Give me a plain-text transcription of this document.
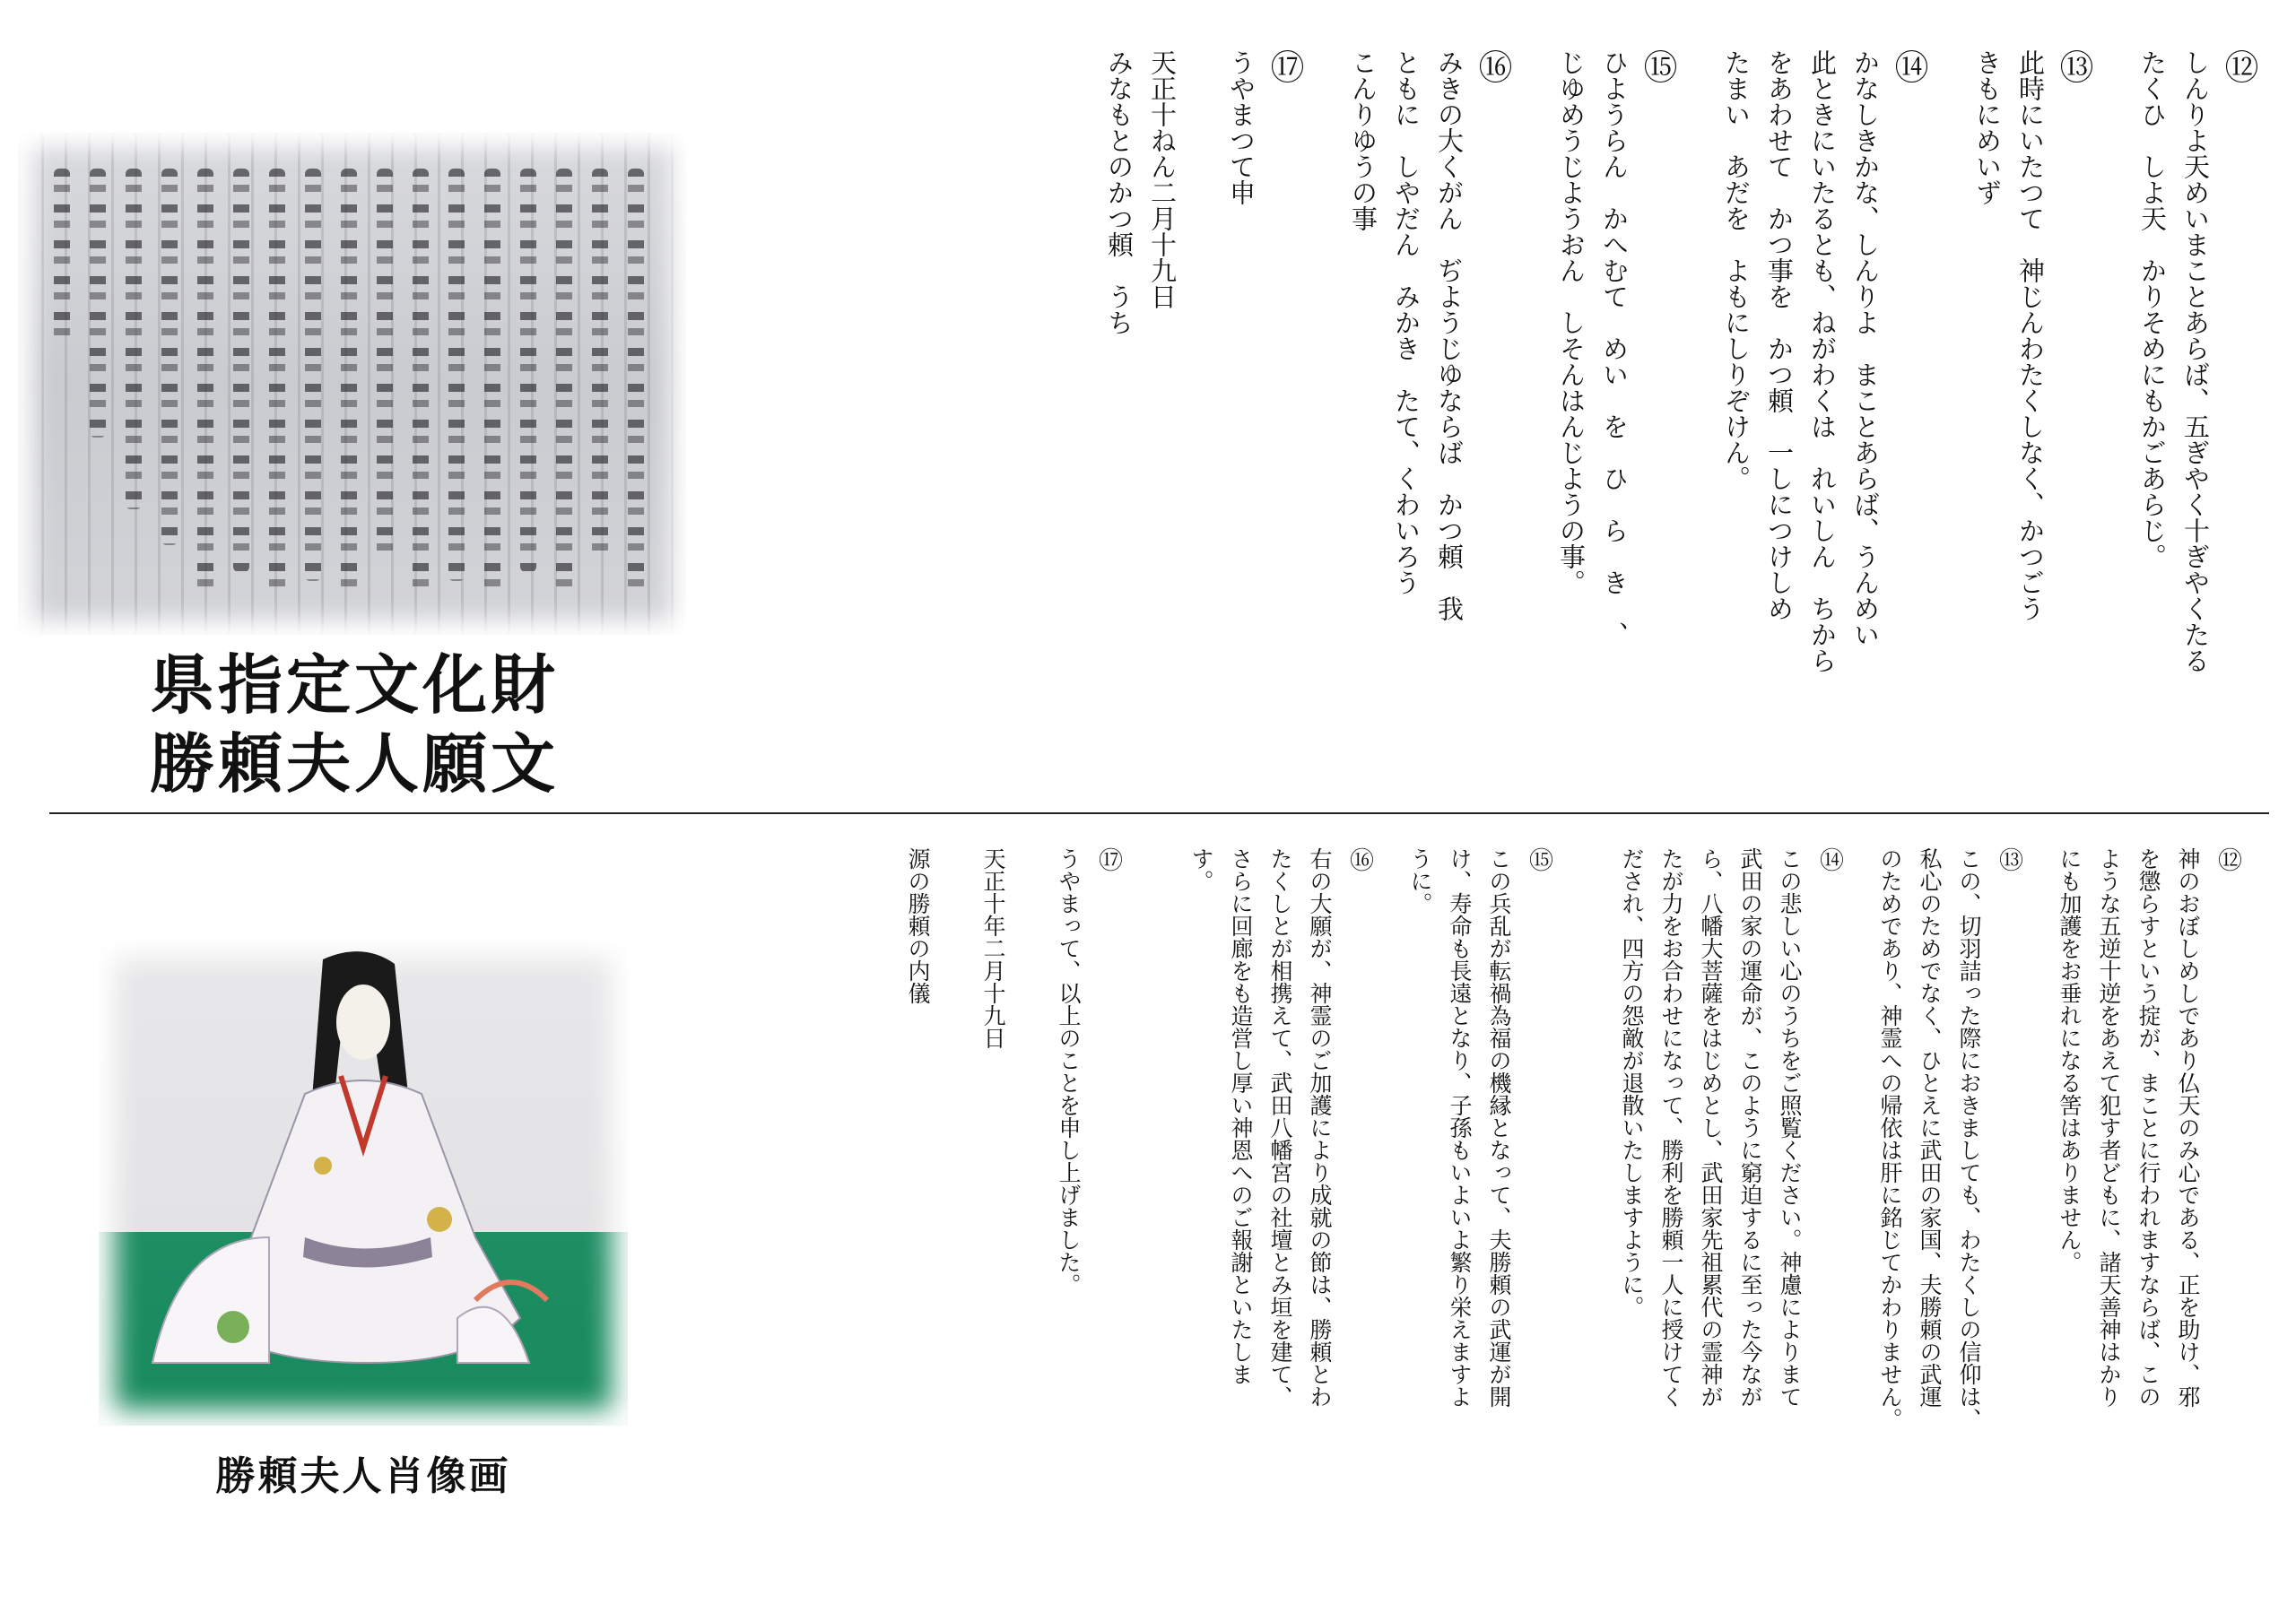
県指定文化財
勝頼夫人願文
勝頼夫人肖像画
⑫
しんりよ天めいまことあらば、五ぎやく十ぎやくたる
たくひ　しよ天　かりそめにもかごあらじ。
⑬
此時にいたつて　神じんわたくしなく、かつごう
きもにめいず
⑭
かなしきかな、しんりよ　まことあらば、うんめい
此ときにいたるとも、ねがわくは　れいしん　ちから
をあわせて　かつ事を　かつ頼　一しにつけしめ
たまい　あだを　よもにしりぞけん。
⑮
ひようらん　かへむて　めい　を　ひ　ら　き　、
じゆめうじようおん　しそんはんじようの事。
⑯
みきの大くがん　ぢようじゆならば　かつ頼　我
ともに　しやだん　みかき　たて、くわいろう
こんりゆうの事
⑰
うやまつて申
天正十ねん二月十九日
みなもとのかつ頼　うち
⑫
神のおぼしめしであり仏天のみ心である、正を助け、邪
を懲らすという掟が、まことに行われますならば、この
ような五逆十逆をあえて犯す者どもに、諸天善神はかり
にも加護をお垂れになる筈はありません。
⑬
この、切羽詰った際におきましても、わたくしの信仰は、
私心のためでなく、ひとえに武田の家国、夫勝頼の武運
のためであり、神霊への帰依は肝に銘じてかわりません。
⑭
この悲しい心のうちをご照覧ください。神慮によりまて
武田の家の運命が、このように窮迫するに至った今なが
ら、八幡大菩薩をはじめとし、武田家先祖累代の霊神が
たが力をお合わせになって、勝利を勝頼一人に授けてく
だされ、四方の怨敵が退散いたしますように。
⑮
この兵乱が転禍為福の機縁となって、夫勝頼の武運が開
け、寿命も長遠となり、子孫もいよいよ繁り栄えますよ
うに。
⑯
右の大願が、神霊のご加護により成就の節は、勝頼とわ
たくしとが相携えて、武田八幡宮の社壇とみ垣を建て、
さらに回廊をも造営し厚い神恩へのご報謝といたしま
す。
⑰
うやまって、以上のことを申し上げました。
天正十年二月十九日
源の勝頼の内儀
